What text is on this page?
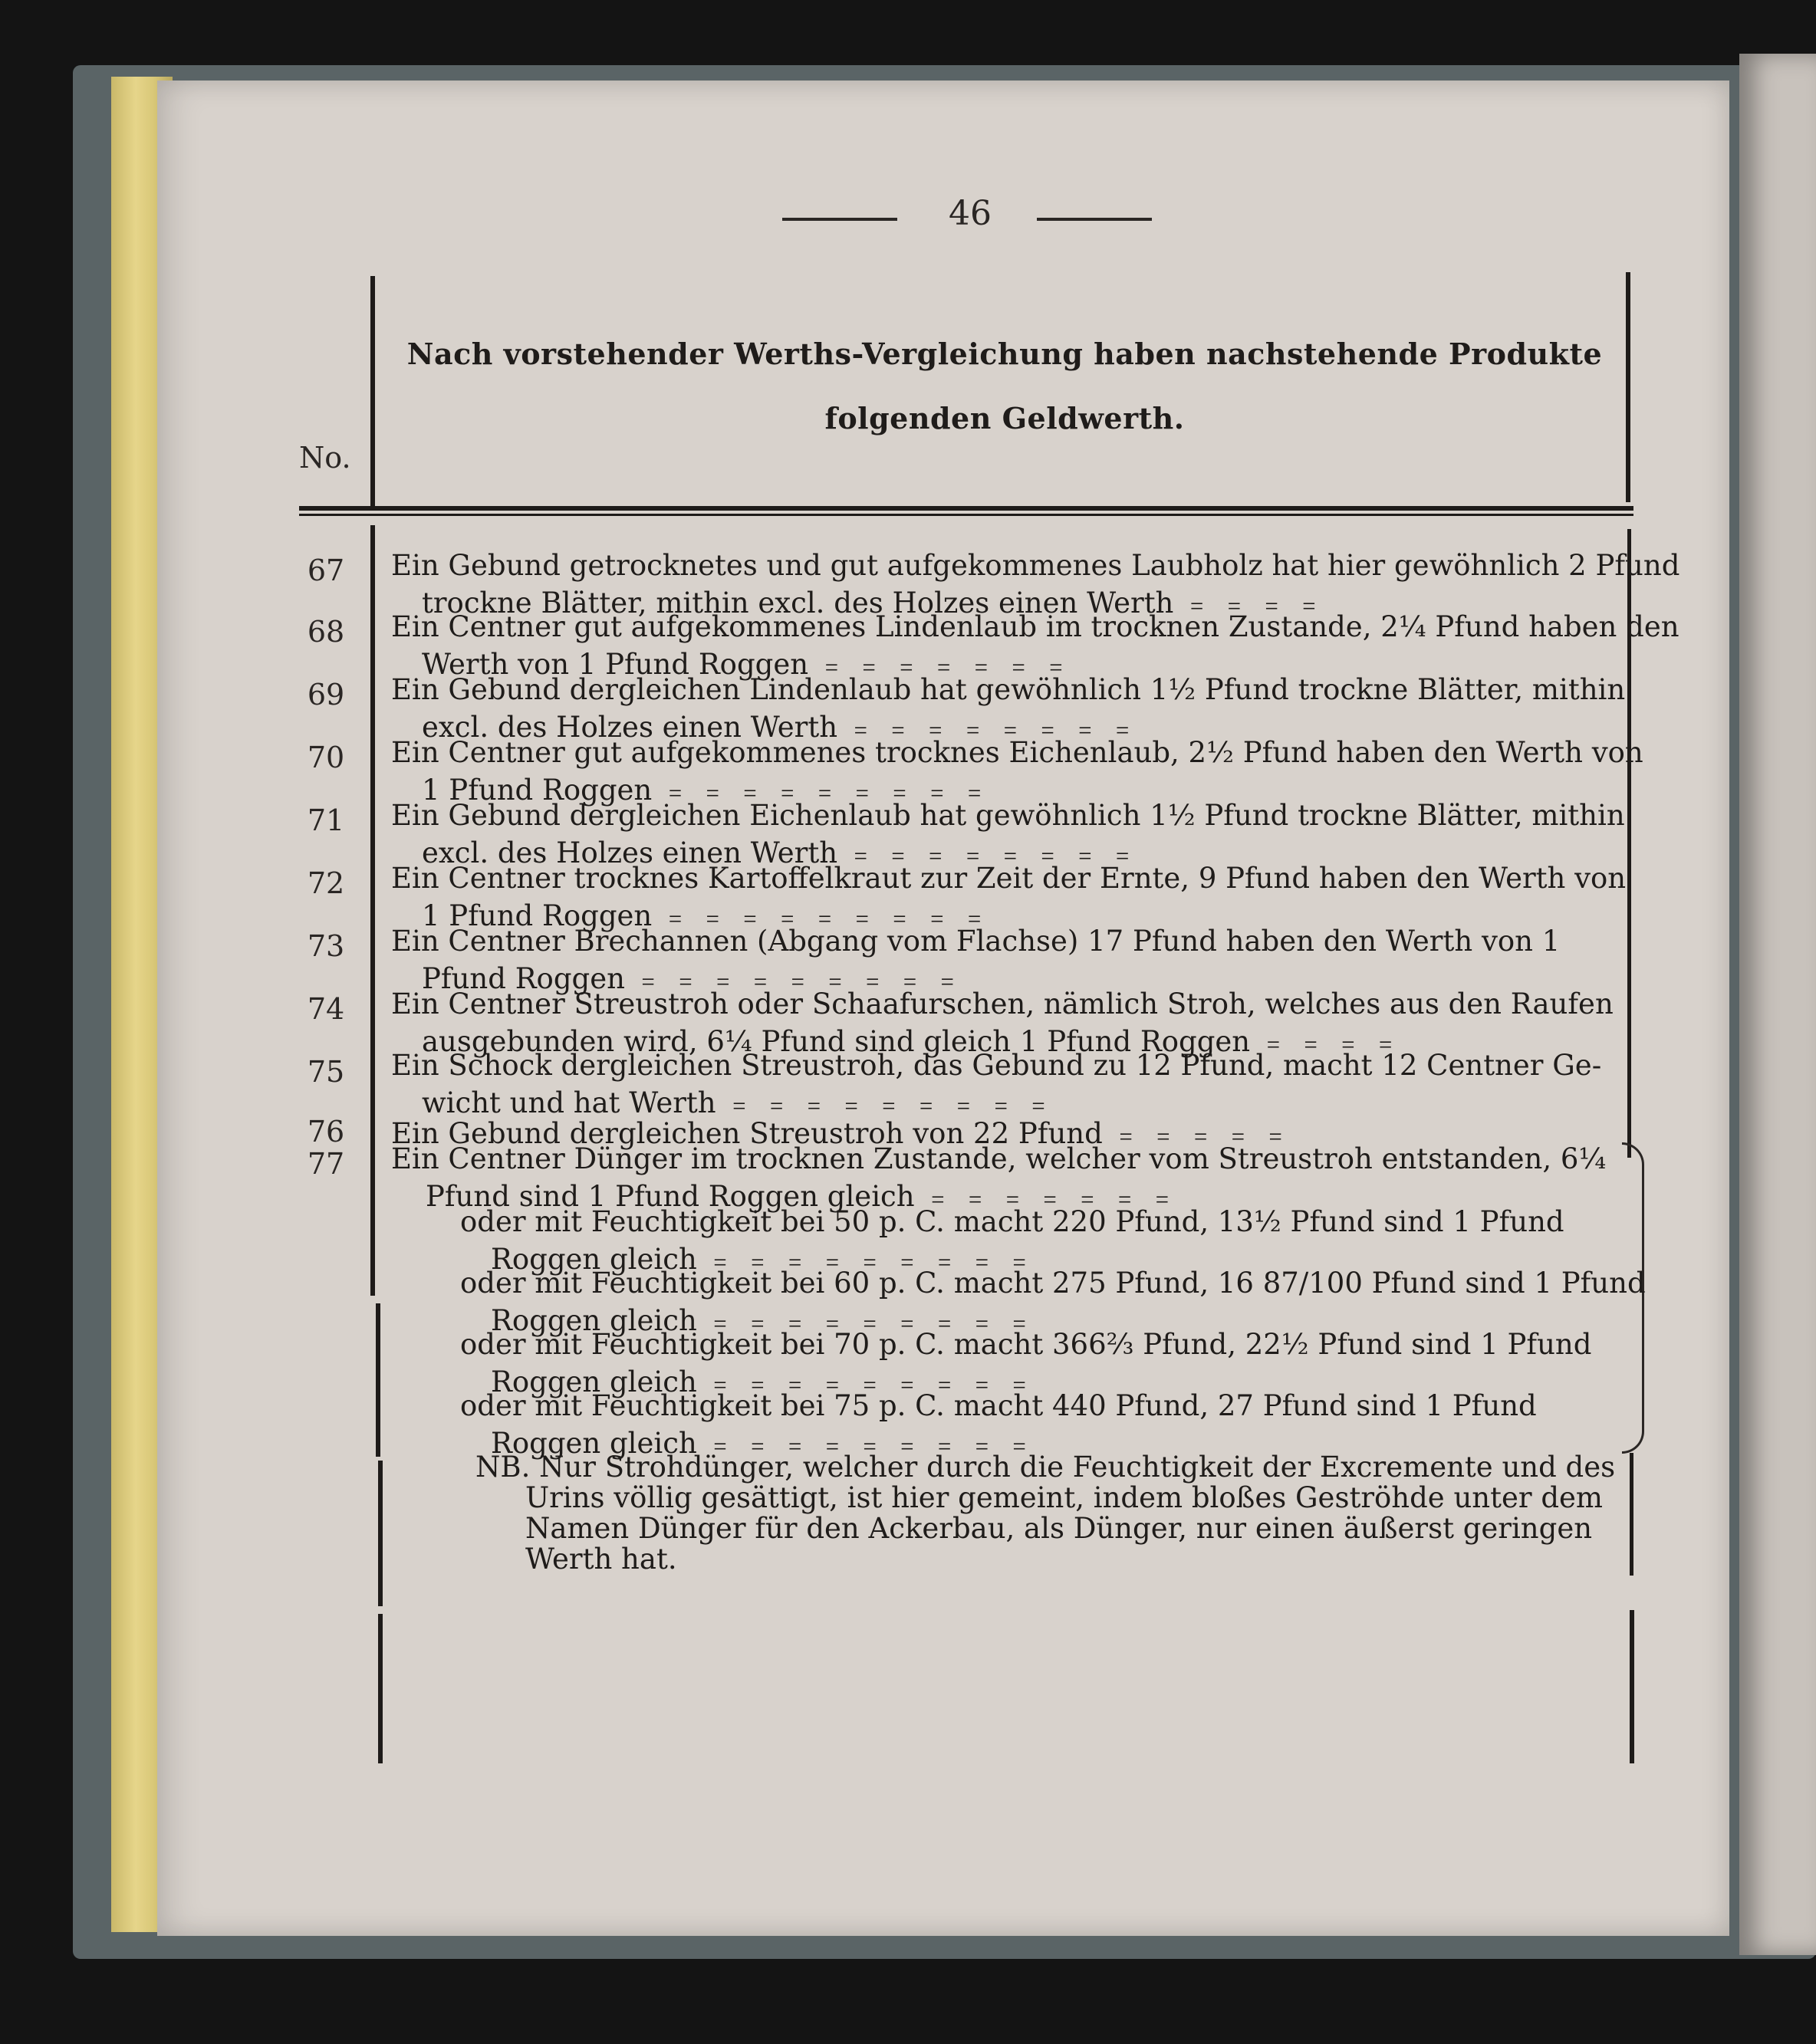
46
No.
Nach vorstehender Werths-Vergleichung haben nachstehende Produkte
folgenden Geldwerth.
67
68
69
70
71
72
73
74
75
76
77
Ein Gebund getrocknetes und gut aufgekommenes Laubholz hat hier gewöhnlich 2 Pfund
trockne Blätter, mithin excl. des Holzes einen Werth ﹦ ﹦ ﹦ ﹦
Ein Centner gut aufgekommenes Lindenlaub im trocknen Zustande, 2¼ Pfund haben den
Werth von 1 Pfund Roggen ﹦ ﹦ ﹦ ﹦ ﹦ ﹦ ﹦
Ein Gebund dergleichen Lindenlaub hat gewöhnlich 1½ Pfund trockne Blätter, mithin
excl. des Holzes einen Werth ﹦ ﹦ ﹦ ﹦ ﹦ ﹦ ﹦ ﹦
Ein Centner gut aufgekommenes trocknes Eichenlaub, 2½ Pfund haben den Werth von
1 Pfund Roggen ﹦ ﹦ ﹦ ﹦ ﹦ ﹦ ﹦ ﹦ ﹦
Ein Gebund dergleichen Eichenlaub hat gewöhnlich 1½ Pfund trockne Blätter, mithin
excl. des Holzes einen Werth ﹦ ﹦ ﹦ ﹦ ﹦ ﹦ ﹦ ﹦
Ein Centner trocknes Kartoffelkraut zur Zeit der Ernte, 9 Pfund haben den Werth von
1 Pfund Roggen ﹦ ﹦ ﹦ ﹦ ﹦ ﹦ ﹦ ﹦ ﹦
Ein Centner Brechannen (Abgang vom Flachse) 17 Pfund haben den Werth von 1
Pfund Roggen ﹦ ﹦ ﹦ ﹦ ﹦ ﹦ ﹦ ﹦ ﹦
Ein Centner Streustroh oder Schaafurschen, nämlich Stroh, welches aus den Raufen
ausgebunden wird, 6¼ Pfund sind gleich 1 Pfund Roggen ﹦ ﹦ ﹦ ﹦
Ein Schock dergleichen Streustroh, das Gebund zu 12 Pfund, macht 12 Centner Ge-
wicht und hat Werth ﹦ ﹦ ﹦ ﹦ ﹦ ﹦ ﹦ ﹦ ﹦
Ein Gebund dergleichen Streustroh von 22 Pfund ﹦ ﹦ ﹦ ﹦ ﹦
Ein Centner Dünger im trocknen Zustande, welcher vom Streustroh entstanden, 6¼
Pfund sind 1 Pfund Roggen gleich ﹦ ﹦ ﹦ ﹦ ﹦ ﹦ ﹦
oder mit Feuchtigkeit bei 50 p. C. macht 220 Pfund, 13½ Pfund sind 1 Pfund
Roggen gleich ﹦ ﹦ ﹦ ﹦ ﹦ ﹦ ﹦ ﹦ ﹦
oder mit Feuchtigkeit bei 60 p. C. macht 275 Pfund, 16 87/100 Pfund sind 1 Pfund
Roggen gleich ﹦ ﹦ ﹦ ﹦ ﹦ ﹦ ﹦ ﹦ ﹦
oder mit Feuchtigkeit bei 70 p. C. macht 366⅔ Pfund, 22½ Pfund sind 1 Pfund
Roggen gleich ﹦ ﹦ ﹦ ﹦ ﹦ ﹦ ﹦ ﹦ ﹦
oder mit Feuchtigkeit bei 75 p. C. macht 440 Pfund, 27 Pfund sind 1 Pfund
Roggen gleich ﹦ ﹦ ﹦ ﹦ ﹦ ﹦ ﹦ ﹦ ﹦
NB. Nur Strohdünger, welcher durch die Feuchtigkeit der Excremente und des
Urins völlig gesättigt, ist hier gemeint, indem bloßes Geströhde unter dem
Namen Dünger für den Ackerbau, als Dünger, nur einen äußerst geringen
Werth hat.
